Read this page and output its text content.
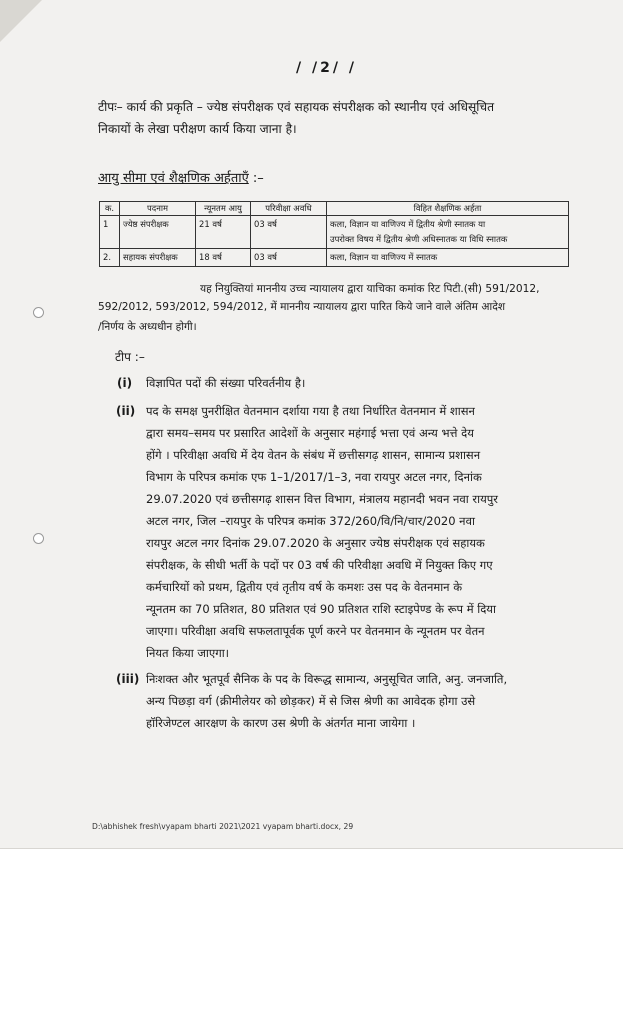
/ /2/ /
टीपः– कार्य की प्रकृति – ज्येष्ठ संपरीक्षक एवं सहायक संपरीक्षक को स्थानीय एवं अधिसूचित
निकायों के लेखा परीक्षण कार्य किया जाना है।
आयु सीमा एवं शैक्षणिक अर्हताएँ :–
क.	पदनाम	न्यूनतम आयु	परिवीक्षा अवधि	विहित शैक्षणिक अर्हता
1	ज्येष्ठ संपरीक्षक	21 वर्ष	03 वर्ष	कला, विज्ञान या वाणिज्य में द्वितीय श्रेणी स्नातक या
उपरोक्त विषय में द्वितीय श्रेणी अधिस्नातक या विधि स्नातक

2.	सहायक संपरीक्षक	18 वर्ष	03 वर्ष	कला, विज्ञान या वाणिज्य में स्नातक
यह नियुक्तियां माननीय उच्च न्यायालय द्वारा याचिका कमांक रिट पिटी.(सी) 591/2012,
592/2012, 593/2012, 594/2012, में माननीय न्यायालय द्वारा पारित किये जाने वाले अंतिम आदेश
/निर्णय के अध्यधीन होगी।
टीप :–
(i) विज्ञापित पदों की संख्या परिवर्तनीय है।
(ii) पद के समक्ष पुनरीक्षित वेतनमान दर्शाया गया है तथा निर्धारित वेतनमान में शासन
द्वारा समय–समय पर प्रसारित आदेशों के अनुसार महंगाई भत्ता एवं अन्य भत्ते देय
होंगे । परिवीक्षा अवधि में देय वेतन के संबंध में छत्तीसगढ़ शासन, सामान्य प्रशासन
विभाग के परिपत्र कमांक एफ 1–1/2017/1–3, नवा रायपुर अटल नगर, दिनांक
29.07.2020 एवं छत्तीसगढ़ शासन वित्त विभाग, मंत्रालय महानदी भवन नवा रायपुर
अटल नगर, जिल –रायपुर के परिपत्र कमांक 372/260/वि/नि/चार/2020 नवा
रायपुर अटल नगर दिनांक 29.07.2020 के अनुसार ज्येष्ठ संपरीक्षक एवं सहायक
संपरीक्षक, के सीधी भर्ती के पदों पर 03 वर्ष की परिवीक्षा अवधि में नियुक्त किए गए
कर्मचारियों को प्रथम, द्वितीय एवं तृतीय वर्ष के कमशः उस पद के वेतनमान के
न्यूनतम का 70 प्रतिशत, 80 प्रतिशत एवं 90 प्रतिशत राशि स्टाइपेण्ड के रूप में दिया
जाएगा। परिवीक्षा अवधि सफलतापूर्वक पूर्ण करने पर वेतनमान के न्यूनतम पर वेतन
नियत किया जाएगा।
(iii) निःशक्त और भूतपूर्व सैनिक के पद के विरूद्ध सामान्य, अनुसूचित जाति, अनु. जनजाति,
अन्य पिछड़ा वर्ग (क्रीमीलेयर को छोड़कर) में से जिस श्रेणी का आवेदक होगा उसे
हॉरिजेण्टल आरक्षण के कारण उस श्रेणी के अंतर्गत माना जायेगा ।
D:\abhishek fresh\vyapam bharti 2021\2021 vyapam bharti.docx, 29
